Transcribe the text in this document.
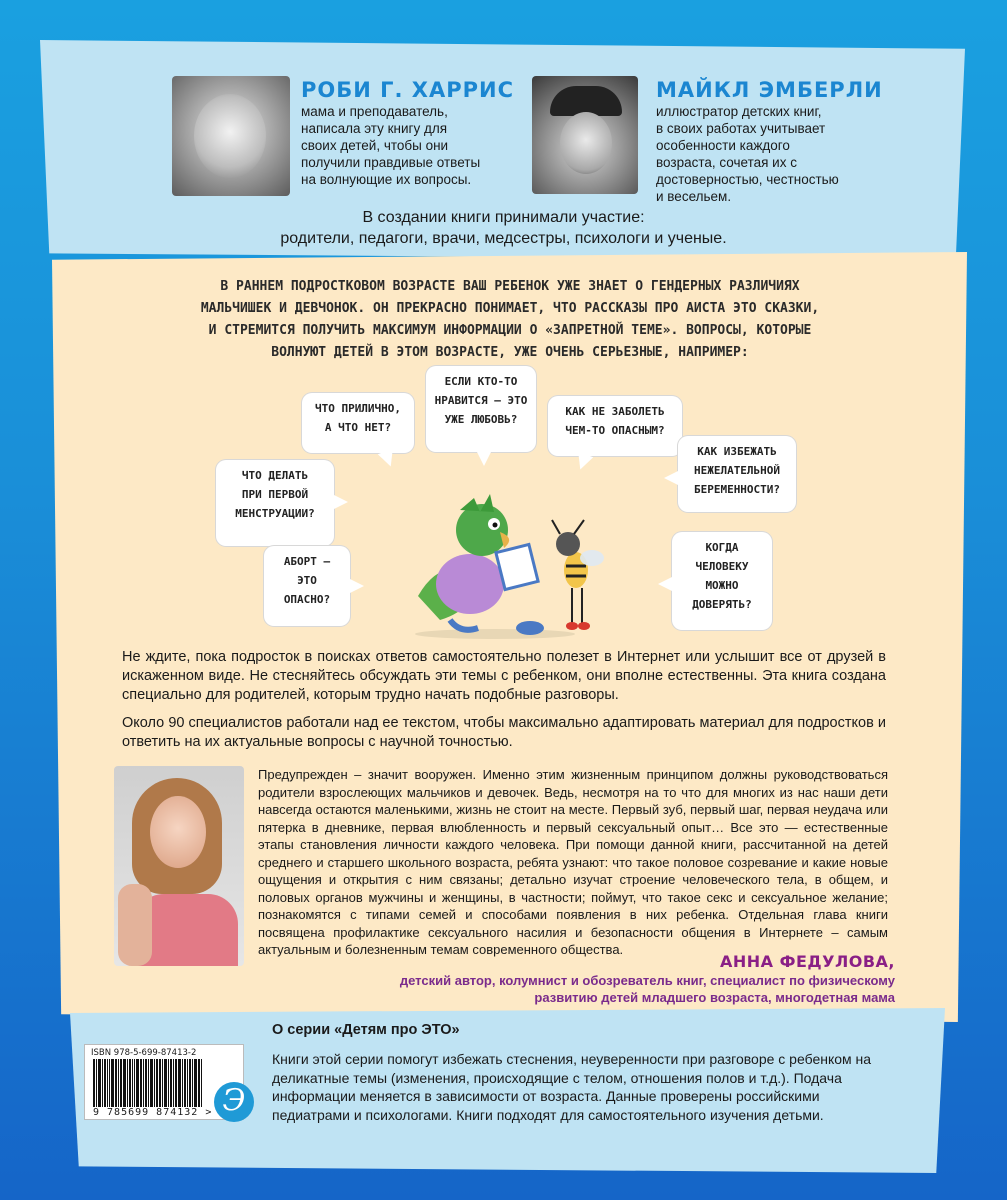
РОБИ Г. ХАРРИС
мама и преподаватель,
написала эту книгу для
своих детей, чтобы они
получили правдивые ответы
на волнующие их вопросы.
МАЙКЛ ЭМБЕРЛИ
иллюстратор детских книг,
в своих работах учитывает
особенности каждого
возраста, сочетая их с
достоверностью, честностью
и весельем.
В создании книги принимали участие:
родители, педагоги, врачи, медсестры, психологи и ученые.
В РАННЕМ ПОДРОСТКОВОМ ВОЗРАСТЕ ВАШ РЕБЕНОК УЖЕ ЗНАЕТ О ГЕНДЕРНЫХ РАЗЛИЧИЯХ
МАЛЬЧИШЕК И ДЕВЧОНОК. ОН ПРЕКРАСНО ПОНИМАЕТ, ЧТО РАССКАЗЫ ПРО АИСТА ЭТО СКАЗКИ,
И СТРЕМИТСЯ ПОЛУЧИТЬ МАКСИМУМ ИНФОРМАЦИИ О «ЗАПРЕТНОЙ ТЕМЕ». ВОПРОСЫ, КОТОРЫЕ
ВОЛНУЮТ ДЕТЕЙ В ЭТОМ ВОЗРАСТЕ, УЖЕ ОЧЕНЬ СЕРЬЕЗНЫЕ, НАПРИМЕР:
ЧТО ПРИЛИЧНО,
А ЧТО НЕТ?
ЕСЛИ КТО-ТО
НРАВИТСЯ — ЭТО
УЖЕ ЛЮБОВЬ?
КАК НЕ ЗАБОЛЕТЬ
ЧЕМ-ТО ОПАСНЫМ?
КАК ИЗБЕЖАТЬ
НЕЖЕЛАТЕЛЬНОЙ
БЕРЕМЕННОСТИ?
ЧТО ДЕЛАТЬ
ПРИ ПЕРВОЙ
МЕНСТРУАЦИИ?
АБОРТ —
ЭТО
ОПАСНО?
КОГДА
ЧЕЛОВЕКУ
МОЖНО
ДОВЕРЯТЬ?
Не ждите, пока подросток в поисках ответов самостоятельно полезет в Интернет или услышит все от друзей в искаженном виде. Не стесняйтесь обсуждать эти темы с ребенком, они вполне естественны. Эта книга создана специально для родителей, которым трудно начать подобные разговоры.
Около 90 специалистов работали над ее текстом, чтобы максимально адаптировать материал для подростков и ответить на их актуальные вопросы с научной точностью.
Предупрежден – значит вооружен. Именно этим жизненным принципом должны руководствоваться родители взрослеющих мальчиков и девочек. Ведь, несмотря на то что для многих из нас наши дети навсегда остаются маленькими, жизнь не стоит на месте. Первый зуб, первый шаг, первая неудача или пятерка в дневнике, первая влюбленность и первый сексуальный опыт… Все это — естественные этапы становления личности каждого человека. При помощи данной книги, рассчитанной на детей среднего и старшего школьного возраста, ребята узнают: что такое половое созревание и какие новые ощущения и открытия с ним связаны; детально изучат строение человеческого тела, в общем, и половых органов мужчины и женщины, в частности; поймут, что такое секс и сексуальное желание; познакомятся с типами семей и способами появления в них ребенка. Отдельная глава книги посвящена профилактике сексуального насилия и безопасности общения в Интернете – самым актуальным и болезненным темам современного общества.
АННА ФЕДУЛОВА,
детский автор, колумнист и обозреватель книг, специалист по физическому
развитию детей младшего возраста, многодетная мама
О серии «Детям про ЭТО»
Книги этой серии помогут избежать стеснения, неуверенности при разговоре с ребенком на деликатные темы (изменения, происходящие с телом, отношения полов и т.д.). Подача информации меняется в зависимости от возраста. Данные проверены российскими педиатрами и психологами. Книги подходят для самостоятельного изучения детьми.
ISBN 978-5-699-87413-2
9 785699 874132 > Э
